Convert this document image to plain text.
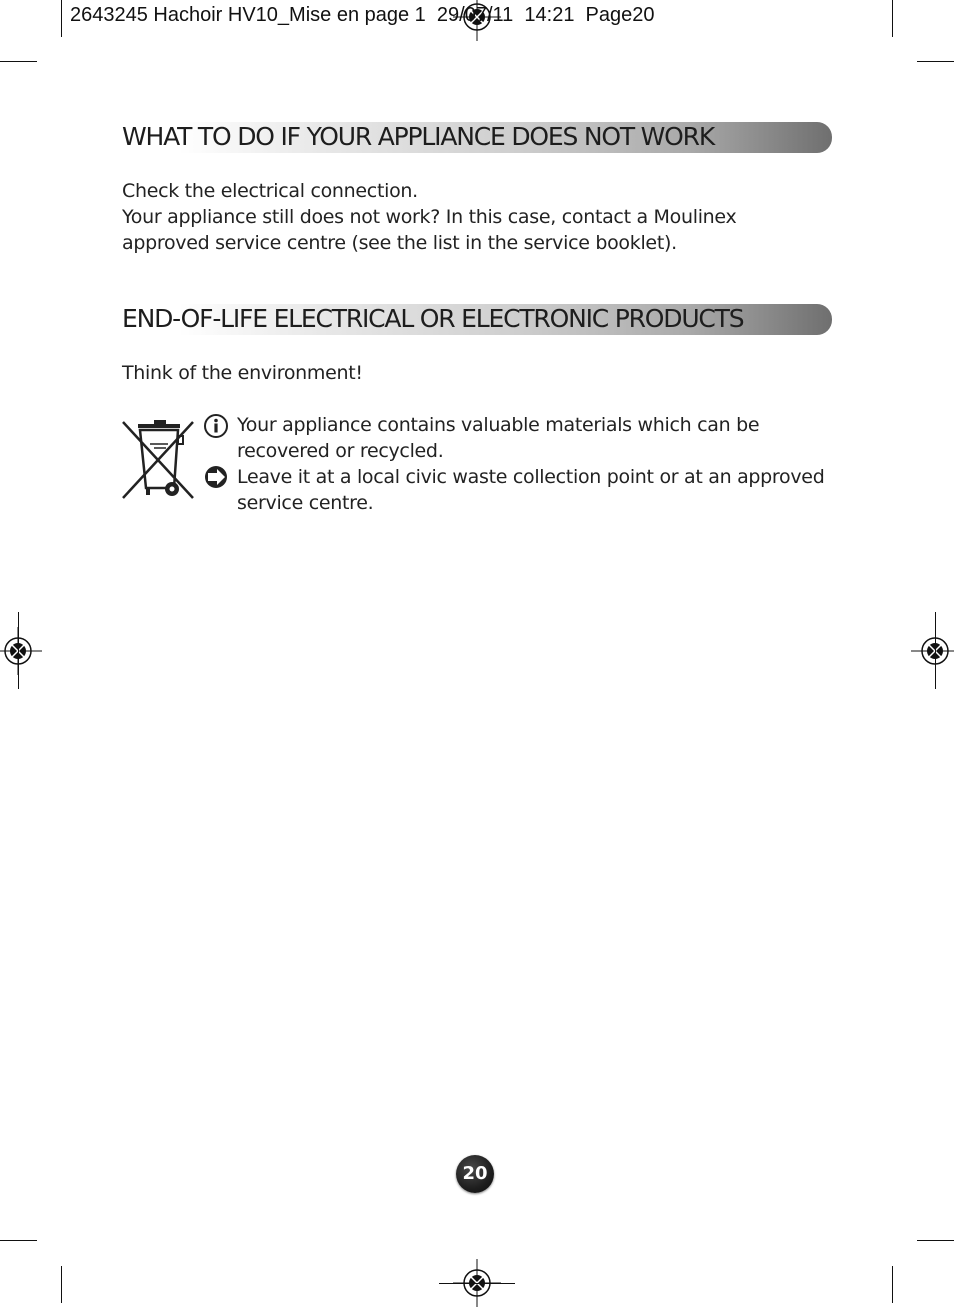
2643245 Hachoir HV10_Mise en page 1  29/07/11  14:21  Page20
WHAT TO DO IF YOUR APPLIANCE DOES NOT WORK

Check the electrical connection.

Your appliance still does not work? In this case, contact a Moulinex

approved service centre (see the list in the service booklet).

END-OF-LIFE ELECTRICAL OR ELECTRONIC PRODUCTS

Think of the environment!

Your appliance contains valuable materials which can be recovered or recycled.

Leave it at a local civic waste collection point or at an approved service centre.

20
